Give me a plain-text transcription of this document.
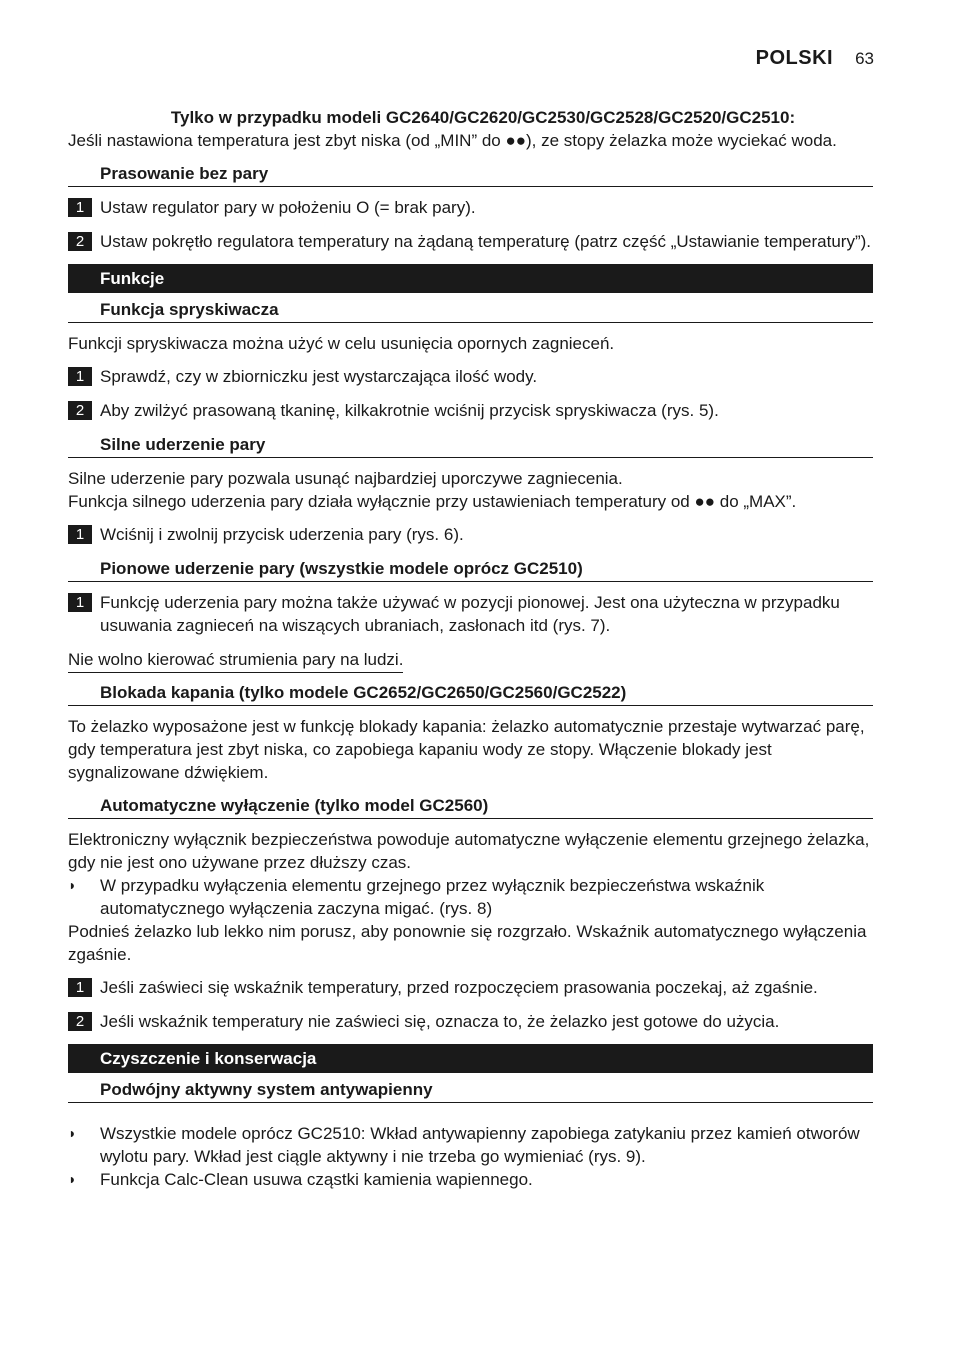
POLSKI 63
Tylko w przypadku modeli GC2640/GC2620/GC2530/GC2528/GC2520/GC2510:

Jeśli nastawiona temperatura jest zbyt niska (od „MIN” do ●●), ze stopy żelazka może wyciekać woda.

Prasowanie bez pary
1 Ustaw regulator pary w położeniu O (= brak pary).
2 Ustaw pokrętło regulatora temperatury na żądaną temperaturę (patrz część „Ustawianie temperatury”).
Funkcje
Funkcja spryskiwacza

Funkcji spryskiwacza można użyć w celu usunięcia opornych zagnieceń.

1 Sprawdź, czy w zbiorniczku jest wystarczająca ilość wody.
2 Aby zwilżyć prasowaną tkaninę, kilkakrotnie wciśnij przycisk spryskiwacza (rys. 5).
Silne uderzenie pary

Silne uderzenie pary pozwala usunąć najbardziej uporczywe zagniecenia.

Funkcja silnego uderzenia pary działa wyłącznie przy ustawieniach temperatury od ●● do „MAX”.

1 Wciśnij i zwolnij przycisk uderzenia pary (rys. 6).
Pionowe uderzenie pary (wszystkie modele oprócz GC2510)
1 Funkcję uderzenia pary można także używać w pozycji pionowej. Jest ona użyteczna w przypadku usuwania zagnieceń na wiszących ubraniach, zasłonach itd (rys. 7).
Nie wolno kierować strumienia pary na ludzi.
Blokada kapania (tylko modele GC2652/GC2650/GC2560/GC2522)

To żelazko wyposażone jest w funkcję blokady kapania: żelazko automatycznie przestaje wytwarzać parę, gdy temperatura jest zbyt niska, co zapobiega kapaniu wody ze stopy. Włączenie blokady jest sygnalizowane dźwiękiem.

Automatyczne wyłączenie (tylko model GC2560)

Elektroniczny wyłącznik bezpieczeństwa powoduje automatyczne wyłączenie elementu grzejnego żelazka, gdy nie jest ono używane przez dłuższy czas.

◗	W przypadku wyłączenia elementu grzejnego przez wyłącznik bezpieczeństwa wskaźnik automatycznego wyłączenia zaczyna migać. (rys. 8)

Podnieś żelazko lub lekko nim porusz, aby ponownie się rozgrzało. Wskaźnik automatycznego wyłączenia zgaśnie.

1 Jeśli zaświeci się wskaźnik temperatury, przed rozpoczęciem prasowania poczekaj, aż zgaśnie.
2 Jeśli wskaźnik temperatury nie zaświeci się, oznacza to, że żelazko jest gotowe do użycia.
Czyszczenie i konserwacja
Podwójny aktywny system antywapienny
◗	Wszystkie modele oprócz GC2510: Wkład antywapienny zapobiega zatykaniu przez kamień otworów wylotu pary. Wkład jest ciągle aktywny i nie trzeba go wymieniać (rys. 9).
◗	Funkcja Calc-Clean usuwa cząstki kamienia wapiennego.
